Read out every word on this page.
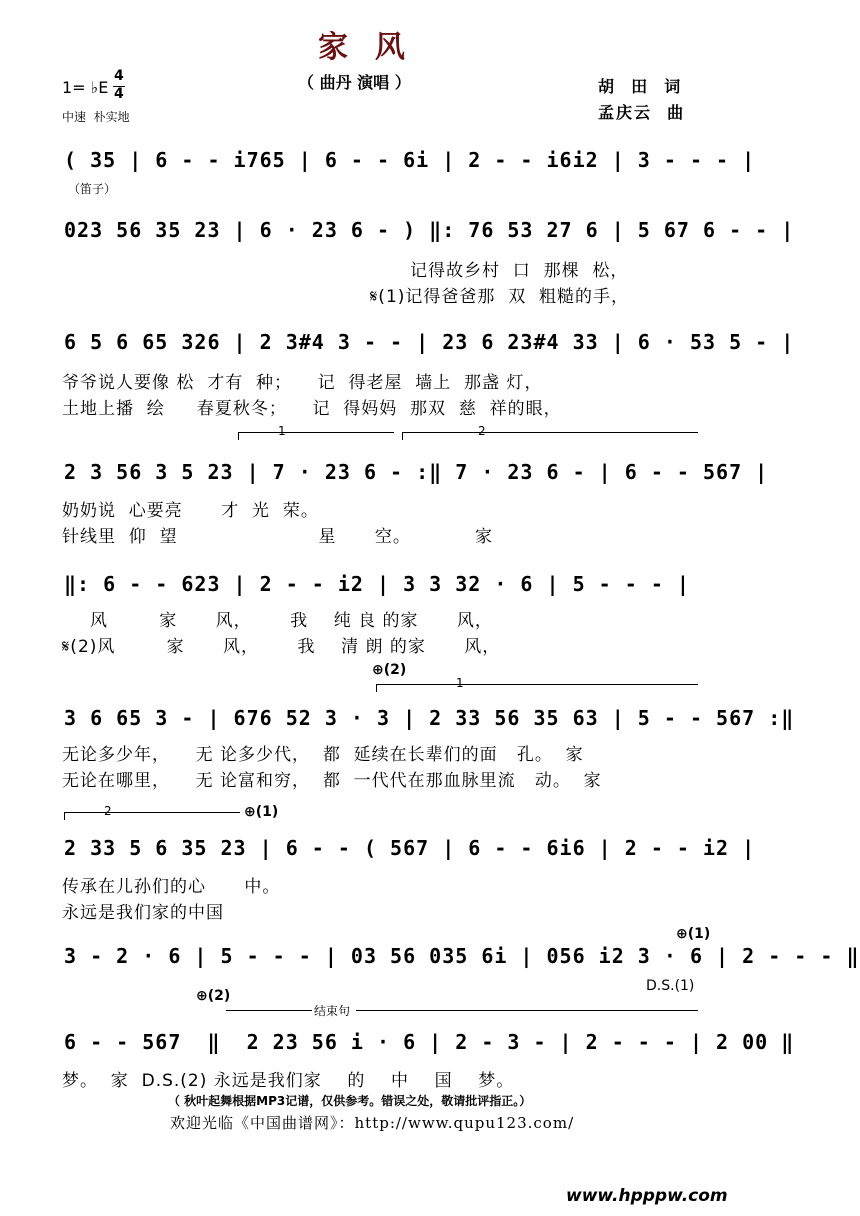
家  风
（ 曲丹 演唱 ）
1= ♭E
4
4
中速  朴实地
胡  田  词
孟庆云  曲
( 35 | 6 - - i765 | 6 - - 6i | 2 - - i6i2 | 3 - - - |
（笛子）
023 56 35 23 | 6 · 23 6 - ) ‖: 76 53 27 6 | 5 67 6 - - |
记得故乡村  口  那棵  松，
𝄋(1)记得爸爸那  双  粗糙的手，
6 5 6 65 326 | 2 3#4 3 - - | 23 6 23#4 33 | 6 · 53 5 - |
爷爷说人要像 松  才有  种；    记  得老屋  墙上  那盏 灯，
土地上播  绘     春夏秋冬；    记  得妈妈  那双  慈  祥的眼，
1	2
2 3 56 3 5 23 | 7 · 23 6 - :‖ 7 · 23 6 - | 6 - - 567 |
奶奶说  心要亮      才  光  荣。
针线里  仰  望                      星      空。          家
‖: 6 - - 623 | 2 - - i2 | 3 3 32 · 6 | 5 - - - |
风        家      风，      我    纯 良 的家      风，
𝄋(2)风        家      风，      我    清 朗 的家      风，
⊕(2)
1
3 6 65 3 - | 676 52 3 · 3 | 2 33 56 35 63 | 5 - - 567 :‖
无论多少年，    无 论多少代，  都  延续在长辈们的面   孔。  家
无论在哪里，    无 论富和穷，  都  一代代在那血脉里流   动。  家
2	⊕(1)
2 33 5 6 35 23 | 6 - - ( 567 | 6 - - 6i6 | 2 - - i2 |
传承在儿孙们的心      中。
永远是我们家的中国
⊕(1)
3 - 2 · 6 | 5 - - - | 03 56 035 6i | 056 i2 3 · 6 | 2 - - - ‖
D.S.(1)
⊕(2)
结束句
6 - - 567  ‖  2 23 56 i · 6 | 2 - 3 - | 2 - - - | 2 00 ‖
梦。  家  D.S.(2) 永远是我们家    的    中    国    梦。
（ 秋叶起舞根据MP3记谱，仅供参考。错误之处，敬请批评指正。）
欢迎光临《中国曲谱网》：http://www.qupu123.com/
www.hpppw.com
